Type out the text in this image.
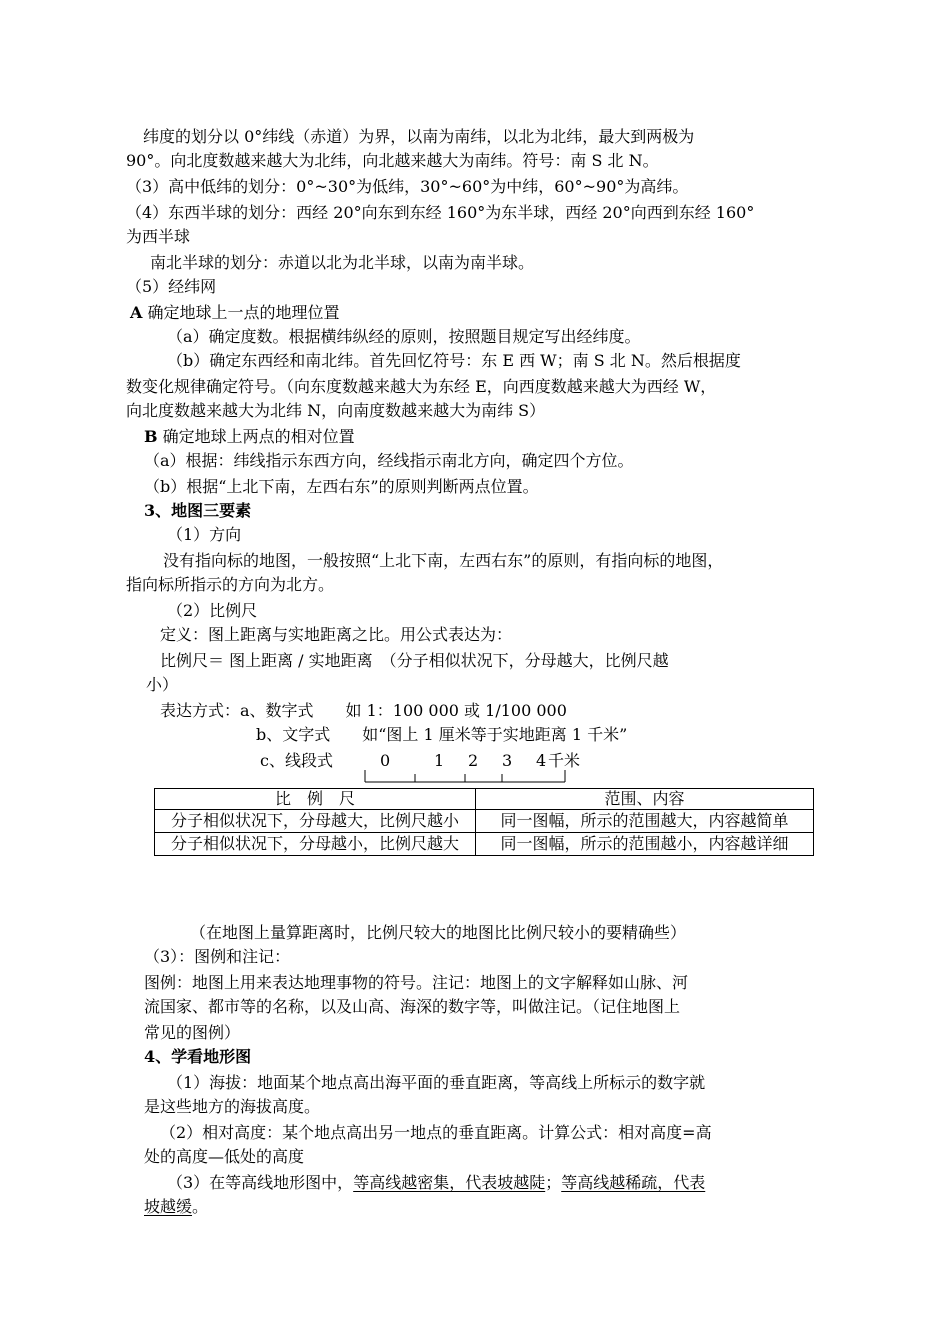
纬度的划分以 0°纬线（赤道）为界，以南为南纬，以北为北纬，最大到两极为
90°。向北度数越来越大为北纬，向北越来越大为南纬。符号：南 S 北 N。
（3）高中低纬的划分：0°~30°为低纬，30°~60°为中纬，60°~90°为高纬。
（4）东西半球的划分：西经 20°向东到东经 160°为东半球，西经 20°向西到东经 160°
为西半球
南北半球的划分：赤道以北为北半球，以南为南半球。
（5）经纬网
A 确定地球上一点的地理位置
（a）确定度数。根据横纬纵经的原则，按照题目规定写出经纬度。
（b）确定东西经和南北纬。首先回忆符号：东 E 西 W；南 S 北 N。然后根据度
数变化规律确定符号。（向东度数越来越大为东经 E，向西度数越来越大为西经 W，
向北度数越来越大为北纬 N，向南度数越来越大为南纬 S）
B 确定地球上两点的相对位置
（a）根据：纬线指示东西方向，经线指示南北方向，确定四个方位。
（b）根据“上北下南，左西右东”的原则判断两点位置。
3、地图三要素
（1）方向
没有指向标的地图，一般按照“上北下南，左西右东”的原则，有指向标的地图，
指向标所指示的方向为北方。
（2）比例尺
定义：图上距离与实地距离之比。用公式表达为：
比例尺＝ 图上距离 / 实地距离　（分子相似状况下，分母越大，比例尺越
小）
表达方式：a、数字式　　如 1：100 000 或 1/100 000
b、文字式　　如“图上 1 厘米等于实地距离 1 千米”
c、线段式	0	1 2 3 4 千米
比　例　尺	范围、内容
分子相似状况下，分母越大，比例尺越小	同一图幅，所示的范围越大，内容越简单
分子相似状况下，分母越小，比例尺越大	同一图幅，所示的范围越小，内容越详细
（在地图上量算距离时，比例尺较大的地图比比例尺较小的要精确些）
（3）：图例和注记：
图例：地图上用来表达地理事物的符号。注记：地图上的文字解释如山脉、河
流国家、都市等的名称，以及山高、海深的数字等，叫做注记。（记住地图上
常见的图例）
4、学看地形图
（1）海拔：地面某个地点高出海平面的垂直距离，等高线上所标示的数字就
是这些地方的海拔高度。
（2）相对高度：某个地点高出另一地点的垂直距离。计算公式：相对高度=高
处的高度—低处的高度
（3）在等高线地形图中，等高线越密集，代表坡越陡；等高线越稀疏，代表
坡越缓。
